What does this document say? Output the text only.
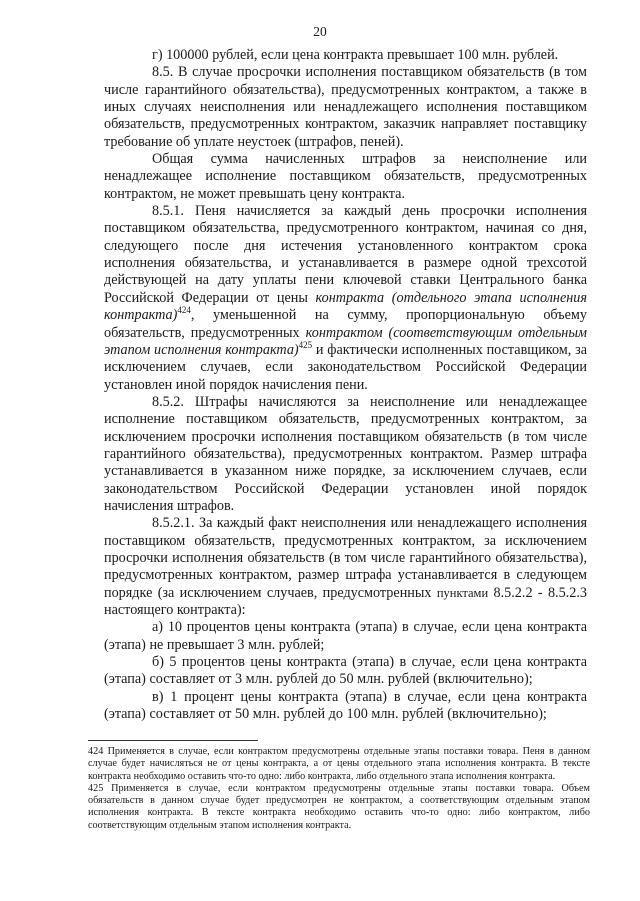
20

г) 100000 рублей, если цена контракта превышает 100 млн. рублей.

8.5. В случае просрочки исполнения поставщиком обязательств (в том числе гарантийного обязательства), предусмотренных контрактом, а также в иных случаях неисполнения или ненадлежащего исполнения поставщиком обязательств, предусмотренных контрактом, заказчик направляет поставщику требование об уплате неустоек (штрафов, пеней).

Общая сумма начисленных штрафов за неисполнение или ненадлежащее исполнение поставщиком обязательств, предусмотренных контрактом, не может превышать цену контракта.

8.5.1. Пеня начисляется за каждый день просрочки исполнения поставщиком обязательства, предусмотренного контрактом, начиная со дня, следующего после дня истечения установленного контрактом срока исполнения обязательства, и устанавливается в размере одной трехсотой действующей на дату уплаты пени ключевой ставки Центрального банка Российской Федерации от цены контракта (отдельного этапа исполнения контракта)$^{424}$, уменьшенной на сумму, пропорциональную объему обязательств, предусмотренных контрактом (соответствующим отдельным этапом исполнения контракта)$^{425}$ и фактически исполненных поставщиком, за исключением случаев, если законодательством Российской Федерации установлен иной порядок начисления пени.

8.5.2. Штрафы начисляются за неисполнение или ненадлежащее исполнение поставщиком обязательств, предусмотренных контрактом, за исключением просрочки исполнения поставщиком обязательств (в том числе гарантийного обязательства), предусмотренных контрактом. Размер штрафа устанавливается в указанном ниже порядке, за исключением случаев, если законодательством Российской Федерации установлен иной порядок начисления штрафов.

8.5.2.1. За каждый факт неисполнения или ненадлежащего исполнения поставщиком обязательств, предусмотренных контрактом, за исключением просрочки исполнения обязательств (в том числе гарантийного обязательства), предусмотренных контрактом, размер штрафа устанавливается в следующем порядке (за исключением случаев, предусмотренных пунктами 8.5.2.2 - 8.5.2.3 настоящего контракта):

а) 10 процентов цены контракта (этапа) в случае, если цена контракта (этапа) не превышает 3 млн. рублей;

б) 5 процентов цены контракта (этапа) в случае, если цена контракта (этапа) составляет от 3 млн. рублей до 50 млн. рублей (включительно);

в) 1 процент цены контракта (этапа) в случае, если цена контракта (этапа) составляет от 50 млн. рублей до 100 млн. рублей (включительно);

424 Применяется в случае, если контрактом предусмотрены отдельные этапы поставки товара. Пеня в данном случае будет начисляться не от цены контракта, а от цены отдельного этапа исполнения контракта. В тексте контракта необходимо оставить что-то одно: либо контракта, либо отдельного этапа исполнения контракта.

425 Применяется в случае, если контрактом предусмотрены отдельные этапы поставки товара. Объем обязательств в данном случае будет предусмотрен не контрактом, а соответствующим отдельным этапом исполнения контракта. В тексте контракта необходимо оставить что-то одно: либо контрактом, либо соответствующим отдельным этапом исполнения контракта.
